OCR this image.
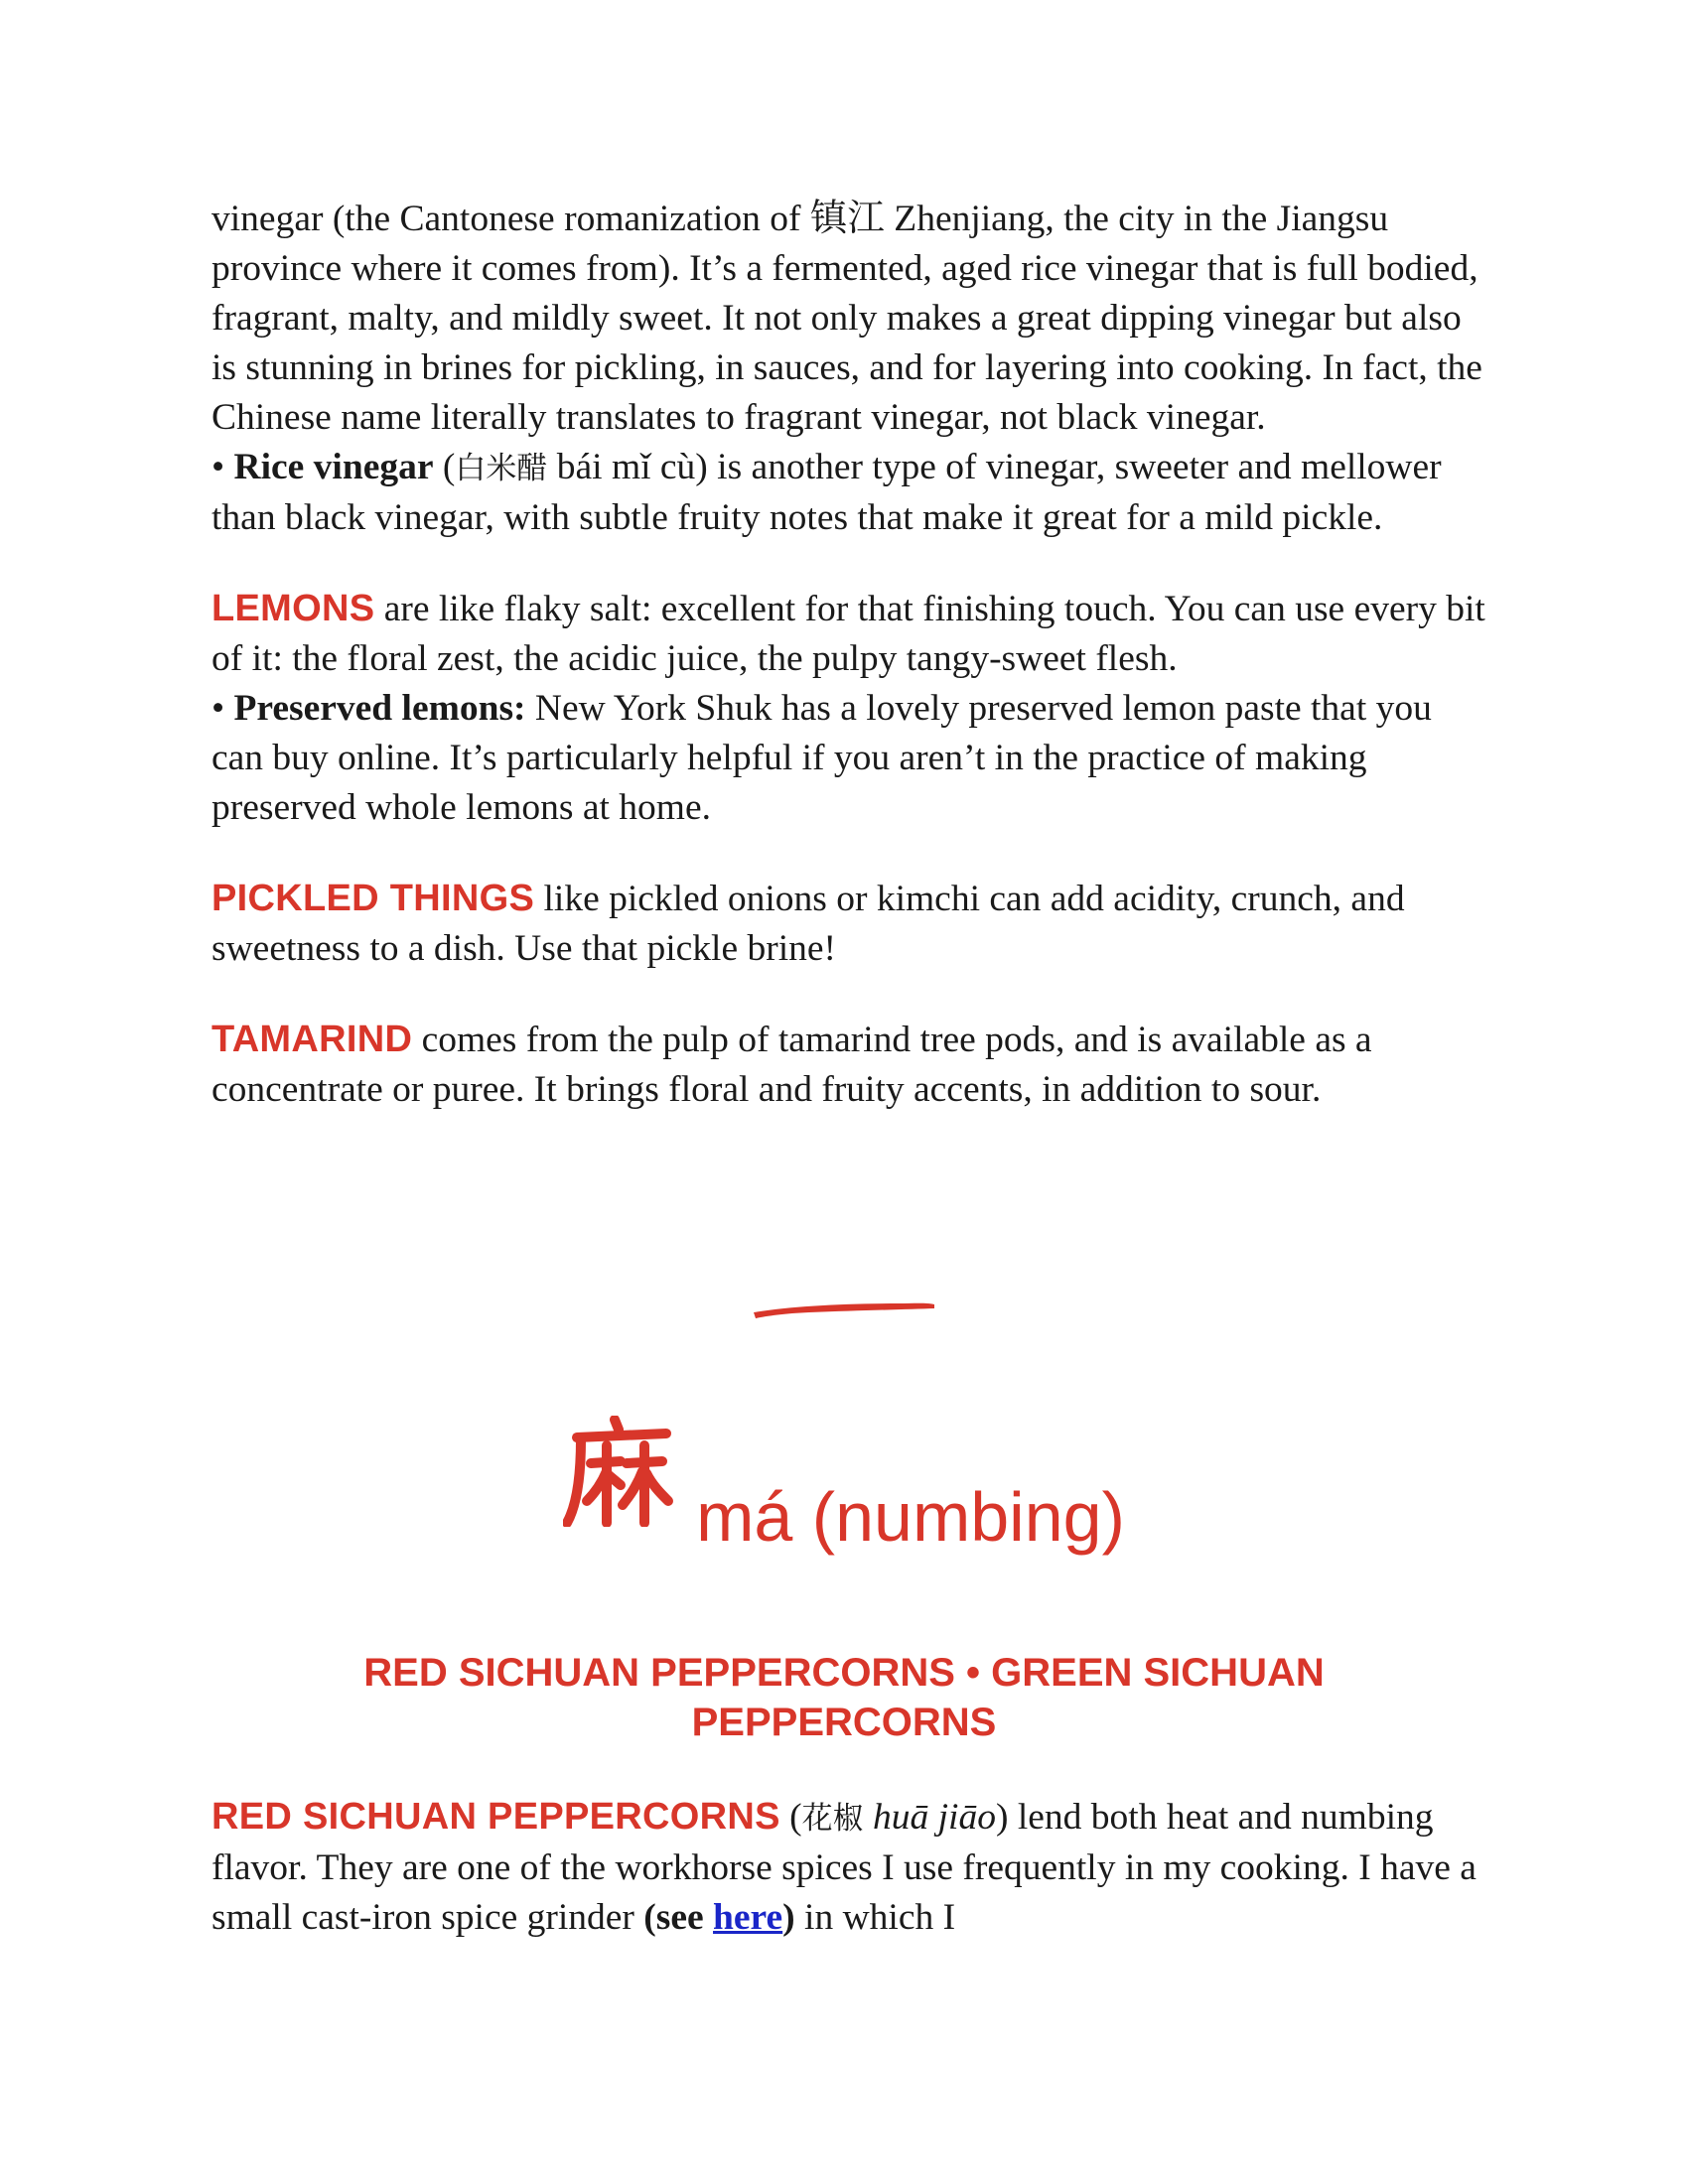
vinegar (the Cantonese romanization of 镇江 Zhenjiang, the city in the Jiangsu province where it comes from). It’s a fermented, aged rice vinegar that is full bodied, fragrant, malty, and mildly sweet. It not only makes a great dipping vinegar but also is stunning in brines for pickling, in sauces, and for layering into cooking. In fact, the Chinese name literally translates to fragrant vinegar, not black vinegar.

• Rice vinegar (白米醋 bái mǐ cù) is another type of vinegar, sweeter and mellower than black vinegar, with subtle fruity notes that make it great for a mild pickle.

LEMONS are like flaky salt: excellent for that finishing touch. You can use every bit of it: the floral zest, the acidic juice, the pulpy tangy-sweet flesh.

• Preserved lemons: New York Shuk has a lovely preserved lemon paste that you can buy online. It’s particularly helpful if you aren’t in the practice of making preserved whole lemons at home.

PICKLED THINGS like pickled onions or kimchi can add acidity, crunch, and sweetness to a dish. Use that pickle brine!

TAMARIND comes from the pulp of tamarind tree pods, and is available as a concentrate or puree. It brings floral and fruity accents, in addition to sour.

má (numbing)
RED SICHUAN PEPPERCORNS • GREEN SICHUAN PEPPERCORNS

RED SICHUAN PEPPERCORNS (花椒 huā jiāo) lend both heat and numbing flavor. They are one of the workhorse spices I use frequently in my cooking. I have a small cast-iron spice grinder (see here) in which I
